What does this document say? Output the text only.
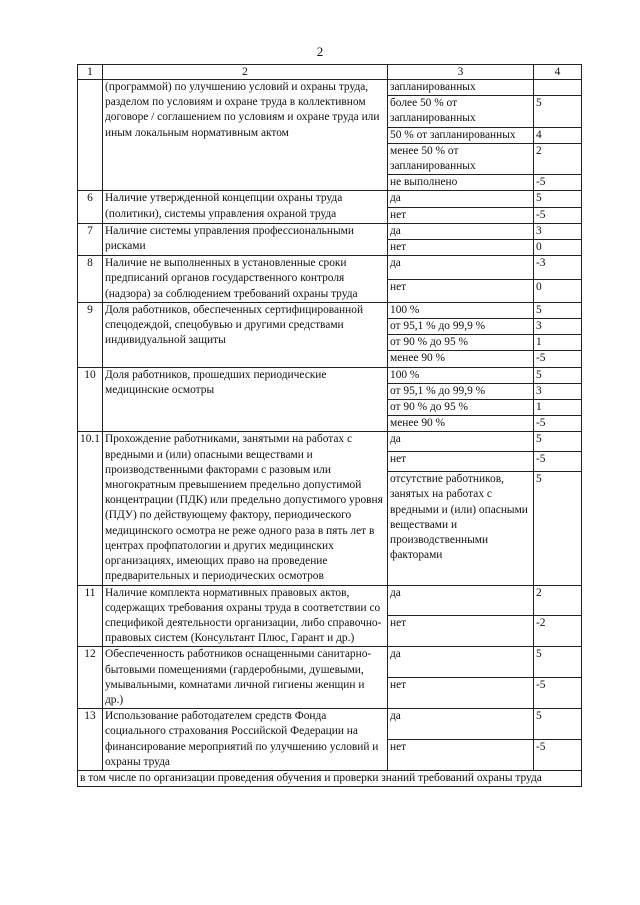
2
1	2	3	4
	(программой) по улучшению условий и охраны труда, разделом по условиям и охране труда в коллективном договоре / соглашением по условиям и охране труда или иным локальным нормативным актом	запланированных	
		более 50 % от запланированных	5
		50 % от запланированных	4
		менее 50 % от запланированных	2
		не выполнено	-5
6	Наличие утвержденной концепции охраны труда (политики), системы управления охраной труда	да	5
		нет	-5
7	Наличие системы управления профессиональными рисками	да	3
		нет	0
8	Наличие не выполненных в установленные сроки предписаний органов государственного контроля (надзора) за соблюдением требований охраны труда	да	-3
		нет	0
9	Доля работников, обеспеченных сертифицированной спецодеждой, спецобувью и другими средствами индивидуальной защиты	100 %	5
		от 95,1 % до 99,9 %	3
		от 90 % до 95 %	1
		менее 90 %	-5
10	Доля работников, прошедших периодические медицинские осмотры	100 %	5
		от 95,1 % до 99,9 %	3
		от 90 % до 95 %	1
		менее 90 %	-5
10.1	Прохождение работниками, занятыми на работах с вредными и (или) опасными веществами и производственными факторами с разовым или многократным превышением предельно допустимой концентрации (ПДК) или предельно допустимого уровня (ПДУ) по действующему фактору, периодического медицинского осмотра не реже одного раза в пять лет в центрах профпатологии и других медицинских организациях, имеющих право на проведение предварительных и периодических осмотров	да	5
		нет	-5
		отсутствие работников, занятых на работах с вредными и (или) опасными веществами и производственными факторами	5
11	Наличие комплекта нормативных правовых актов, содержащих требования охраны труда в соответствии со спецификой деятельности организации, либо справочно-правовых систем (Консультант Плюс, Гарант и др.)	да	2
		нет	-2
12	Обеспеченность работников оснащенными санитарно-бытовыми помещениями (гардеробными, душевыми, умывальными, комнатами личной гигиены женщин и др.)	да	5
		нет	-5
13	Использование работодателем средств Фонда социального страхования Российской Федерации на финансирование мероприятий по улучшению условий и охраны труда	да	5
		нет	-5
в том числе по организации проведения обучения и проверки знаний требований охраны труда			
